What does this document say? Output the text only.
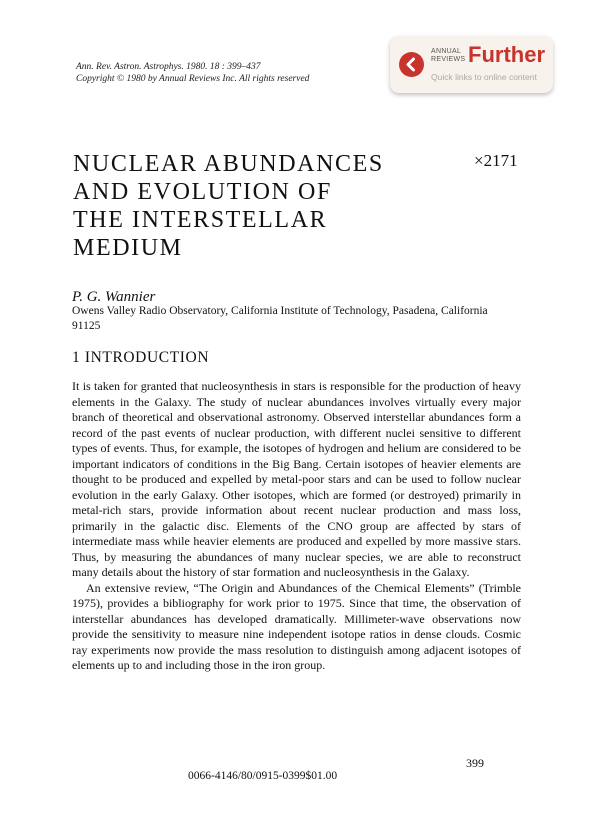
Ann. Rev. Astron. Astrophys. 1980. 18 : 399–437
Copyright © 1980 by Annual Reviews Inc. All rights reserved
ANNUAL
REVIEWS Further
Quick links to online content
NUCLEAR ABUNDANCES
AND EVOLUTION OF
THE INTERSTELLAR
MEDIUM
×2171
P. G. Wannier
Owens Valley Radio Observatory, California Institute of Technology, Pasadena, California 91125
1 INTRODUCTION

It is taken for granted that nucleosynthesis in stars is responsible for the production of heavy elements in the Galaxy. The study of nuclear abundances involves virtually every major branch of theoretical and observational astronomy. Observed interstellar abundances form a record of the past events of nuclear production, with different nuclei sensitive to different types of events. Thus, for example, the isotopes of hydrogen and helium are considered to be important indicators of conditions in the Big Bang. Certain isotopes of heavier elements are thought to be produced and expelled by metal-poor stars and can be used to follow nuclear evolution in the early Galaxy. Other isotopes, which are formed (or destroyed) primarily in metal-rich stars, provide information about recent nuclear production and mass loss, primarily in the galactic disc. Elements of the CNO group are affected by stars of intermediate mass while heavier elements are produced and expelled by more massive stars. Thus, by measuring the abundances of many nuclear species, we are able to reconstruct many details about the history of star formation and nucleosynthesis in the Galaxy.

An extensive review, “The Origin and Abundances of the Chemical Elements” (Trimble 1975), provides a bibliography for work prior to 1975. Since that time, the observation of interstellar abundances has developed dramatically. Millimeter-wave observations now provide the sensitivity to measure nine independent isotope ratios in dense clouds. Cosmic ray experiments now provide the mass resolution to distinguish among adjacent isotopes of elements up to and including those in the iron group.

399
0066-4146/80/0915-0399$01.00
